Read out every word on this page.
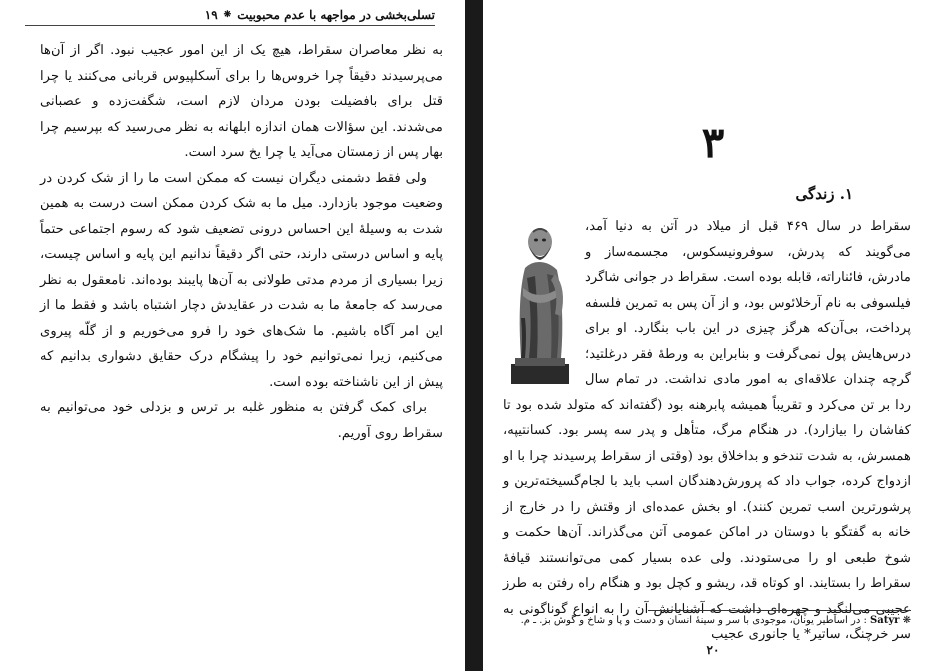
تسلی‌بخشی در مواجهه با عدم محبوبیت
❋
۱۹

به نظر معاصران سقراط، هیچ یک از این امور عجیب نبود. اگر از آن‌ها می‌پرسیدند دقیقاً چرا خروس‌ها را برای آسکلپیوس قربانی می‌کنند یا چرا قتل برای بافضیلت بودن مردان لازم است، شگفت‌زده و عصبانی می‌شدند. این سؤالات همان اندازه ابلهانه به نظر می‌رسید که بپرسیم چرا بهار پس از زمستان می‌آید یا چرا یخ سرد است.

ولی فقط دشمنی دیگران نیست که ممکن است ما را از شک کردن در وضعیت موجود بازدارد. میل ما به شک کردن ممکن است درست به همین شدت به وسیلهٔ این احساس درونی تضعیف شود که رسوم اجتماعی حتماً پایه و اساس درستی دارند، حتی اگر دقیقاً ندانیم این پایه و اساس چیست، زیرا بسیاری از مردم مدتی طولانی به آن‌ها پایبند بوده‌اند. نامعقول به نظر می‌رسد که جامعهٔ ما به شدت در عقایدش دچار اشتباه باشد و فقط ما از این امر آگاه باشیم. ما شک‌های خود را فرو می‌خوریم و از گلّه پیروی می‌کنیم، زیرا نمی‌توانیم خود را پیشگام درک حقایق دشواری بدانیم که پیش از این ناشناخته بوده است.

برای کمک گرفتن به منظور غلبه بر ترس و بزدلی خود می‌توانیم به سقراط روی آوریم.

۳
۱. زندگی

سقراط در سال ۴۶۹ قبل از میلاد در آتن به دنیا آمد، می‌گویند که پدرش، سوفرونیسکوس، مجسمه‌ساز و مادرش، فائناراته، قابله بوده است. سقراط در جوانی شاگرد فیلسوفی به نام آرخلائوس بود، و از آن پس به تمرین فلسفه پرداخت، بی‌آن‌که هرگز چیزی در این باب بنگارد. او برای درس‌هایش پول نمی‌گرفت و بنابراین به ورطهٔ فقر درغلتید؛ گرچه چندان علاقه‌ای به امور مادی نداشت. در تمام سال ردا بر تن می‌کرد و تقریباً همیشه پابرهنه بود (گفته‌اند که متولد شده بود تا کفاشان را بیازارد). در هنگام مرگ، متأهل و پدر سه پسر بود. کسانتیپه، همسرش، به شدت تندخو و بداخلاق بود (وقتی از سقراط پرسیدند چرا با او ازدواج کرده، جواب داد که پرورش‌دهندگان اسب باید با لجام‌گسیخته‌ترین و پرشورترین اسب تمرین کنند). او بخش عمده‌ای از وقتش را در خارج از خانه به گفتگو با دوستان در اماکن عمومی آتن می‌گذراند. آن‌ها حکمت و شوخ طبعی او را می‌ستودند. ولی عده بسیار کمی می‌توانستند قیافهٔ سقراط را بستایند. او کوتاه قد، ریشو و کچل بود و هنگام راه رفتن به طرز عجیبی می‌لنگید و چهره‌ای داشت که آشنایانش آن را به انواع گوناگونی به سر خرچنگ، ساتیر* یا جانوری عجیب

❋ Satyr : در اساطیر یونان، موجودی با سر و سینهٔ انسان و دست و پا و شاخ و گوش بز. ـ م.
۲۰
